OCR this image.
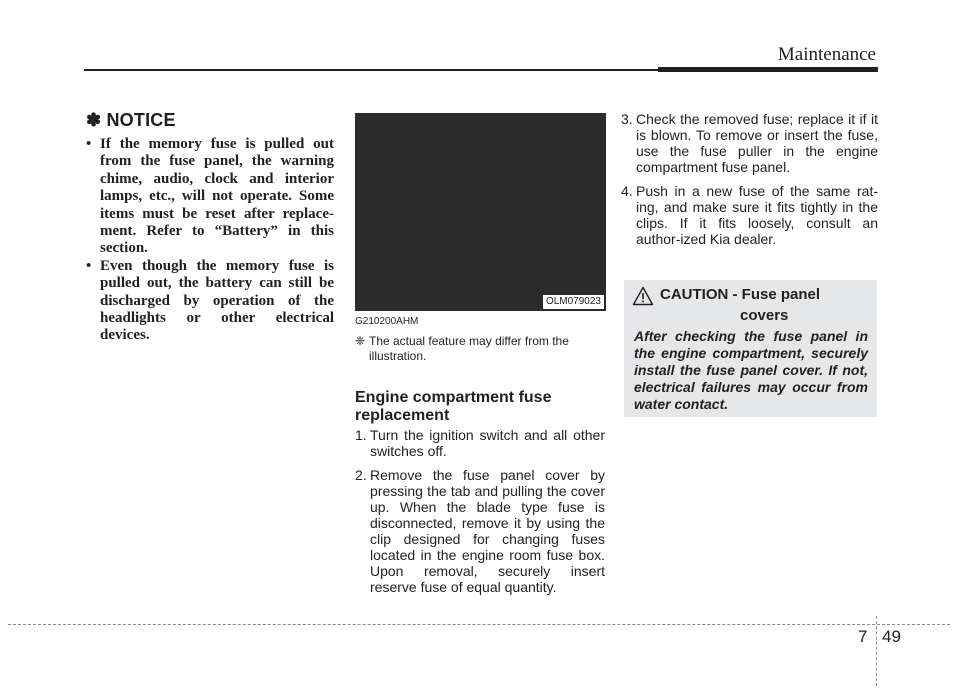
Maintenance
✽ NOTICE
• If the memory fuse is pulled out from the fuse panel, the warning chime, audio, clock and interior lamps, etc., will not operate. Some items must be reset after replace-ment. Refer to “Battery” in this section.
• Even though the memory fuse is pulled out, the battery can still be discharged by operation of the headlights or other electrical devices.
OLM079023
G210200AHM
❈ The actual feature may differ from the illustration.
Engine compartment fuse replacement
1. Turn the ignition switch and all other switches off.
2. Remove the fuse panel cover by pressing the tab and pulling the cover up. When the blade type fuse is disconnected, remove it by using the clip designed for changing fuses located in the engine room fuse box. Upon removal, securely insert reserve fuse of equal quantity.
3. Check the removed fuse; replace it if it is blown. To remove or insert the fuse, use the fuse puller in the engine compartment fuse panel.
4. Push in a new fuse of the same rat-ing, and make sure it fits tightly in the clips. If it fits loosely, consult an author-ized Kia dealer.
CAUTION - Fuse panel
covers
After checking the fuse panel in the engine compartment, securely install the fuse panel cover. If not, electrical failures may occur from water contact.
7 49
